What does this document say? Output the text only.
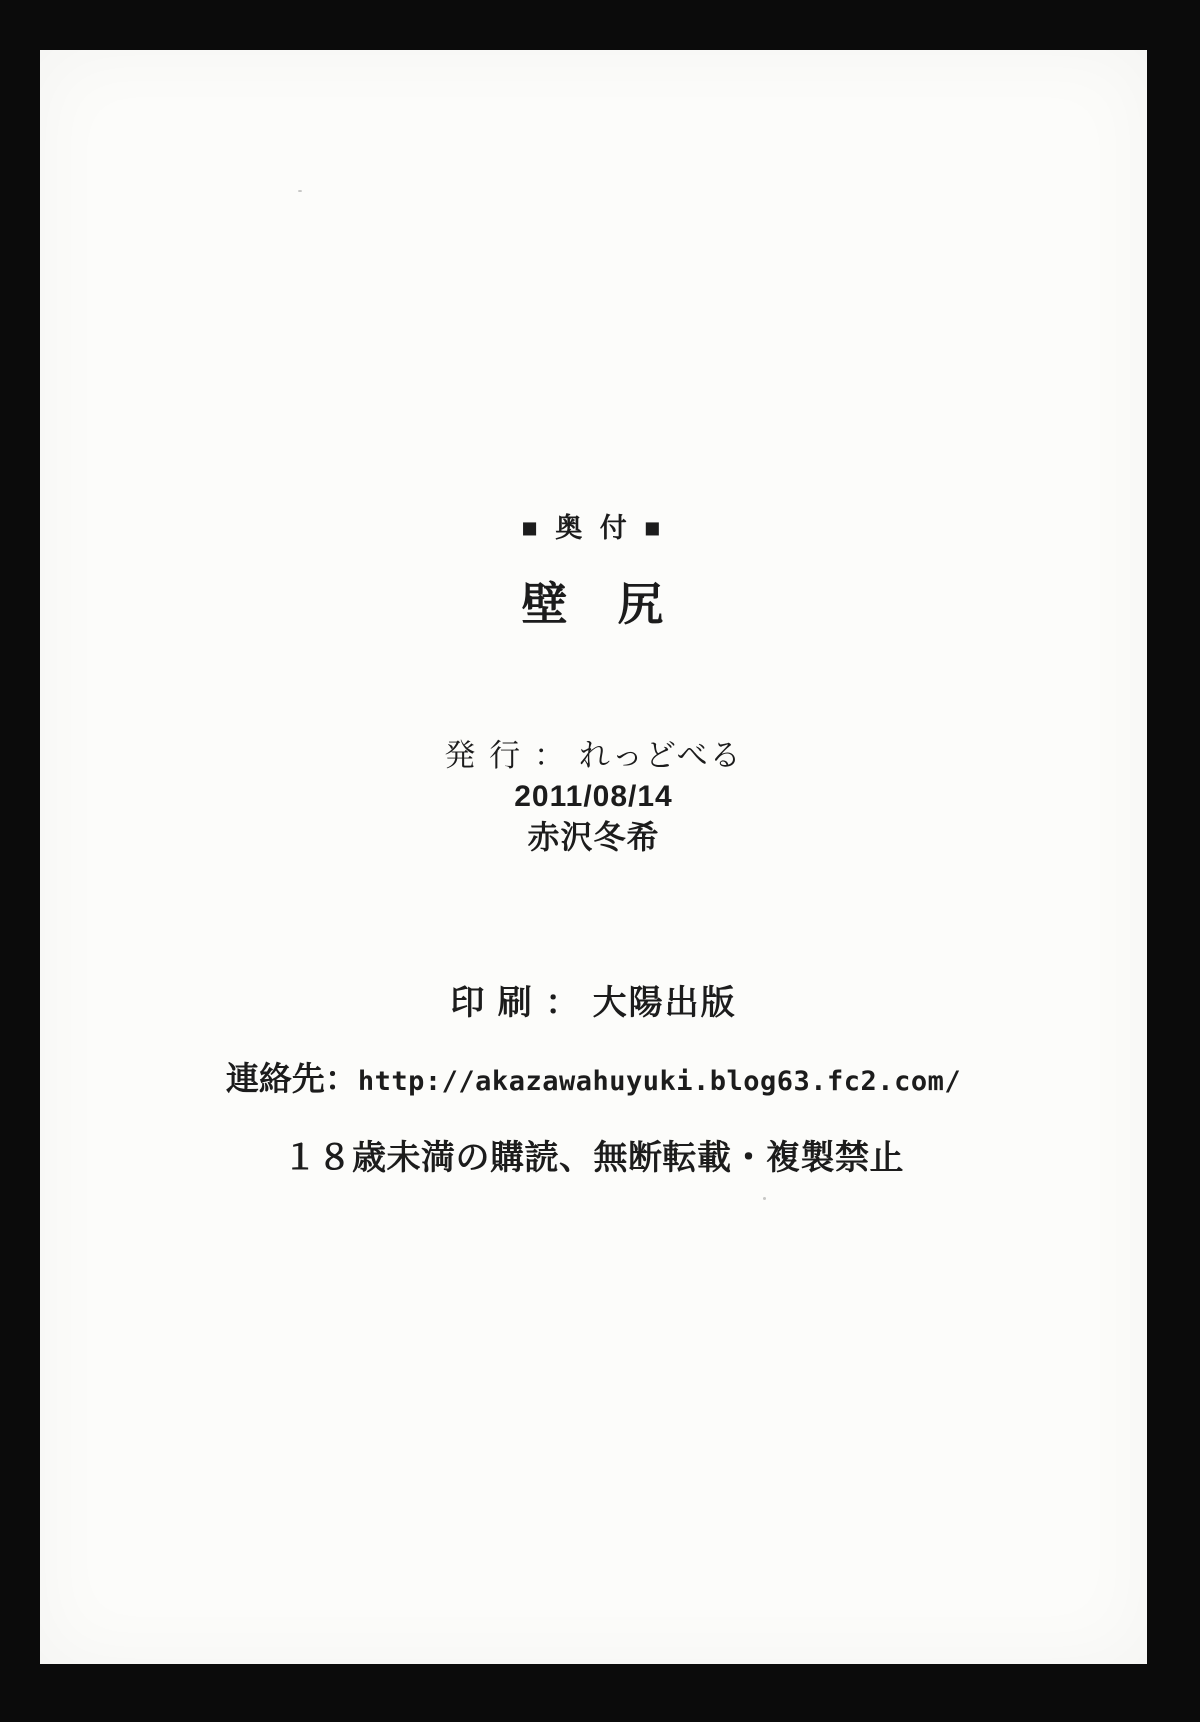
■ 奥 付 ■
壁　尻
発 行 ： れっどべる
2011/08/14
赤沢冬希
印 刷 ： 大陽出版
連絡先：http://akazawahuyuki.blog63.fc2.com/
１８歳未満の購読、無断転載・複製禁止
